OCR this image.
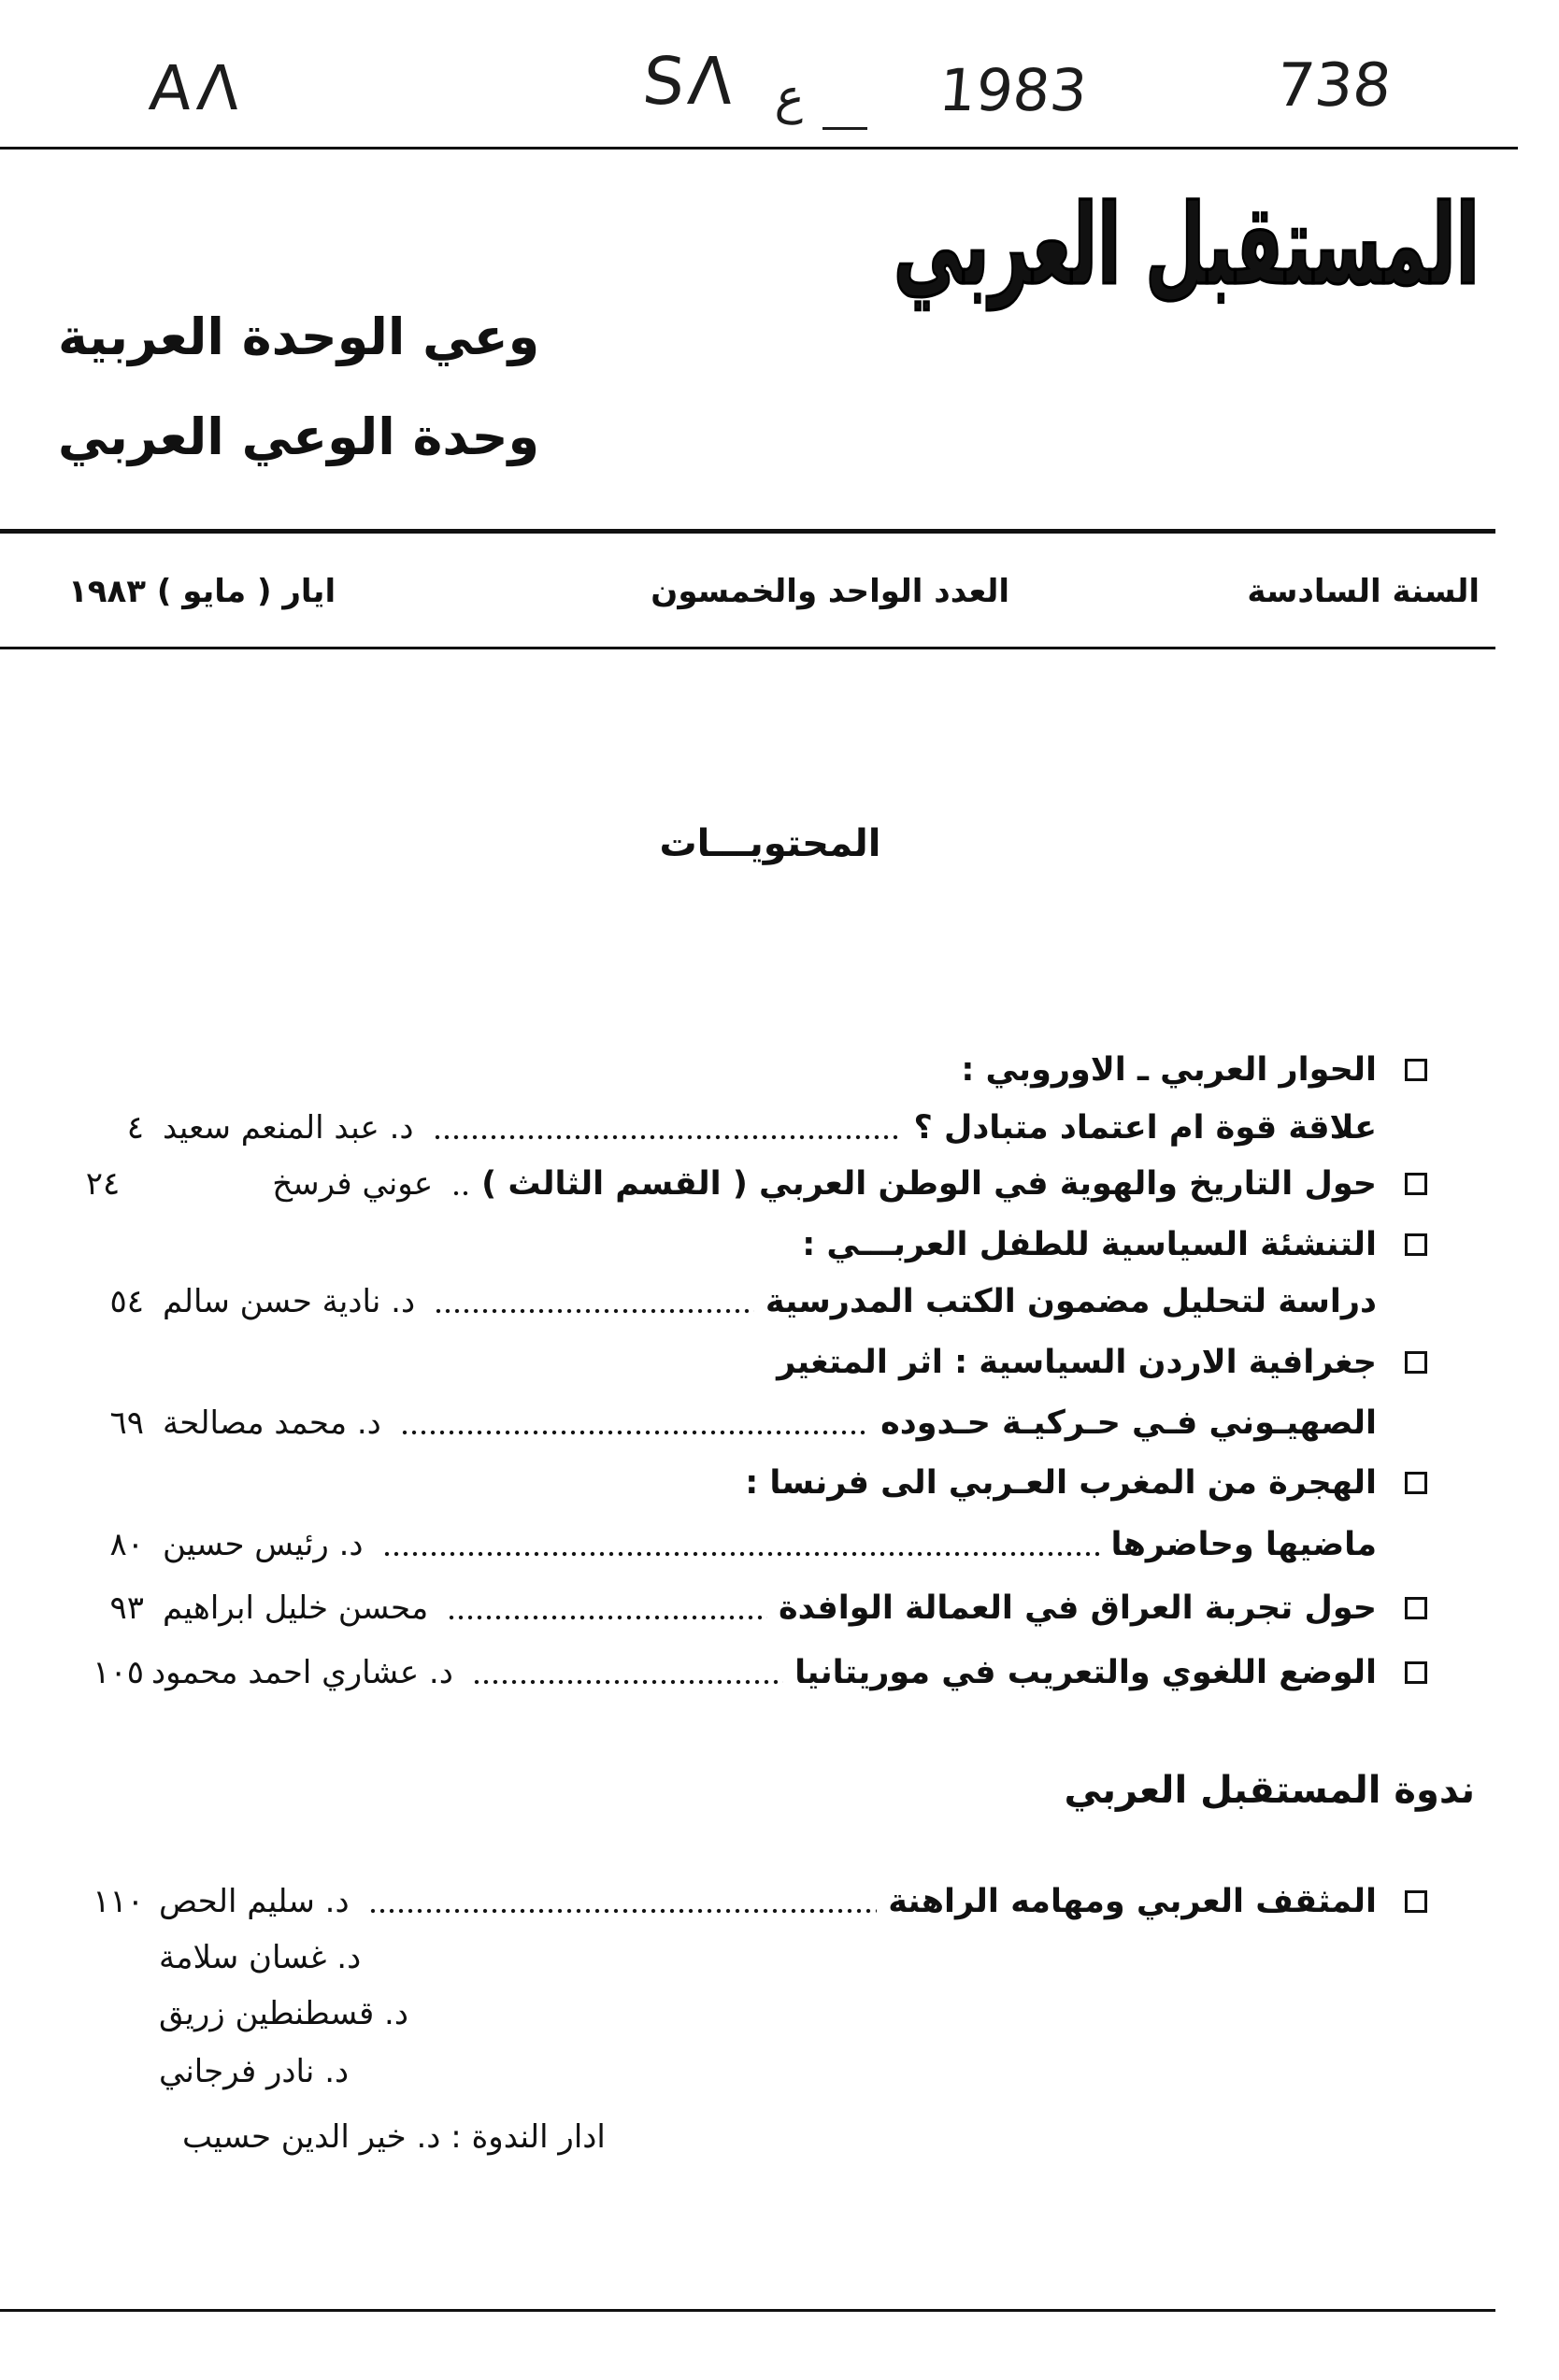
AΛ	SΛ ع 1983	738
المستقبل العربي
وعي الوحدة العربية
وحدة الوعي العربي
السنة السادسة
العدد الواحد والخمسون
ايار ( مايو ) ١٩٨٣
المحتويـــات
الحوار العربي ـ الاوروبي :
علاقة قوة ام اعتماد متبادل ؟
د. عبد المنعم سعيد
٤
حول التاريخ والهوية في الوطن العربي ( القسم الثالث )
عوني فرسخ
٢٤
التنشئة السياسية للطفل العربـــي :
دراسة لتحليل مضمون الكتب المدرسية
د. نادية حسن سالم
٥٤
جغرافية الاردن السياسية : اثر المتغير
الصهيـوني فـي حـركيـة حـدوده
د. محمد مصالحة
٦٩
الهجرة من المغرب العـربي الى فرنسا :
ماضيها وحاضرها
د. رئيس حسين
٨٠
حول تجربة العراق في العمالة الوافدة
محسن خليل ابراهيم
٩٣
الوضع اللغوي والتعريب في موريتانيا
د. عشاري احمد محمود
١٠٥
ندوة المستقبل العربي
المثقف العربي ومهامه الراهنة
د. سليم الحص
١١٠
د. غسان سلامة
د. قسطنطين زريق
د. نادر فرجاني
ادار الندوة : د. خير الدين حسيب
